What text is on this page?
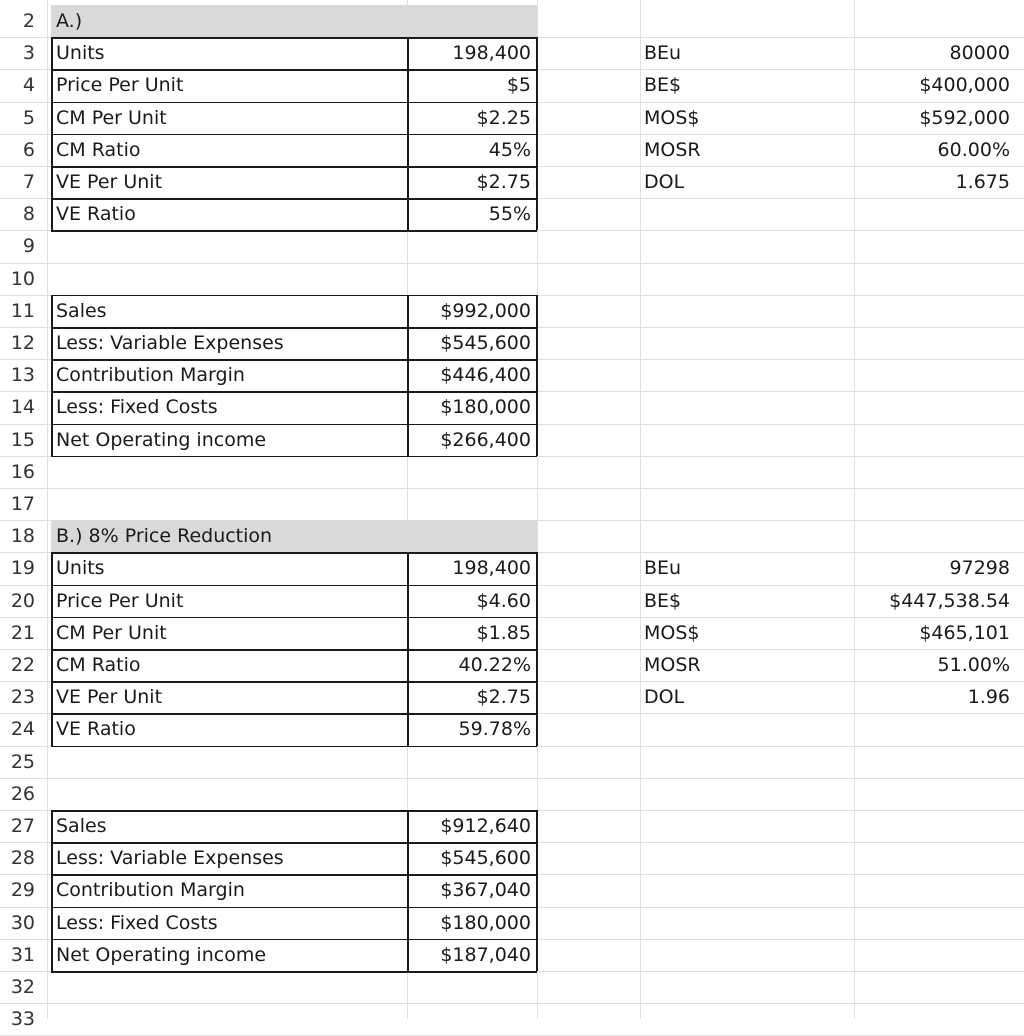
2	A.)
3	Units	198,400	BEu	80000
4	Price Per Unit	$5	BE$	$400,000
5	CM Per Unit	$2.25	MOS$	$592,000
6	CM Ratio	45%	MOSR	60.00%
7	VE Per Unit	$2.75	DOL	1.675
8	VE Ratio	55%
9
10
11	Sales	$992,000
12	Less: Variable Expenses	$545,600
13	Contribution Margin	$446,400
14	Less: Fixed Costs	$180,000
15	Net Operating income	$266,400
16
17
18	B.) 8% Price Reduction
19	Units	198,400	BEu	97298
20	Price Per Unit	$4.60	BE$	$447,538.54
21	CM Per Unit	$1.85	MOS$	$465,101
22	CM Ratio	40.22%	MOSR	51.00%
23	VE Per Unit	$2.75	DOL	1.96
24	VE Ratio	59.78%
25
26
27	Sales	$912,640
28	Less: Variable Expenses	$545,600
29	Contribution Margin	$367,040
30	Less: Fixed Costs	$180,000
31	Net Operating income	$187,040
32
33
